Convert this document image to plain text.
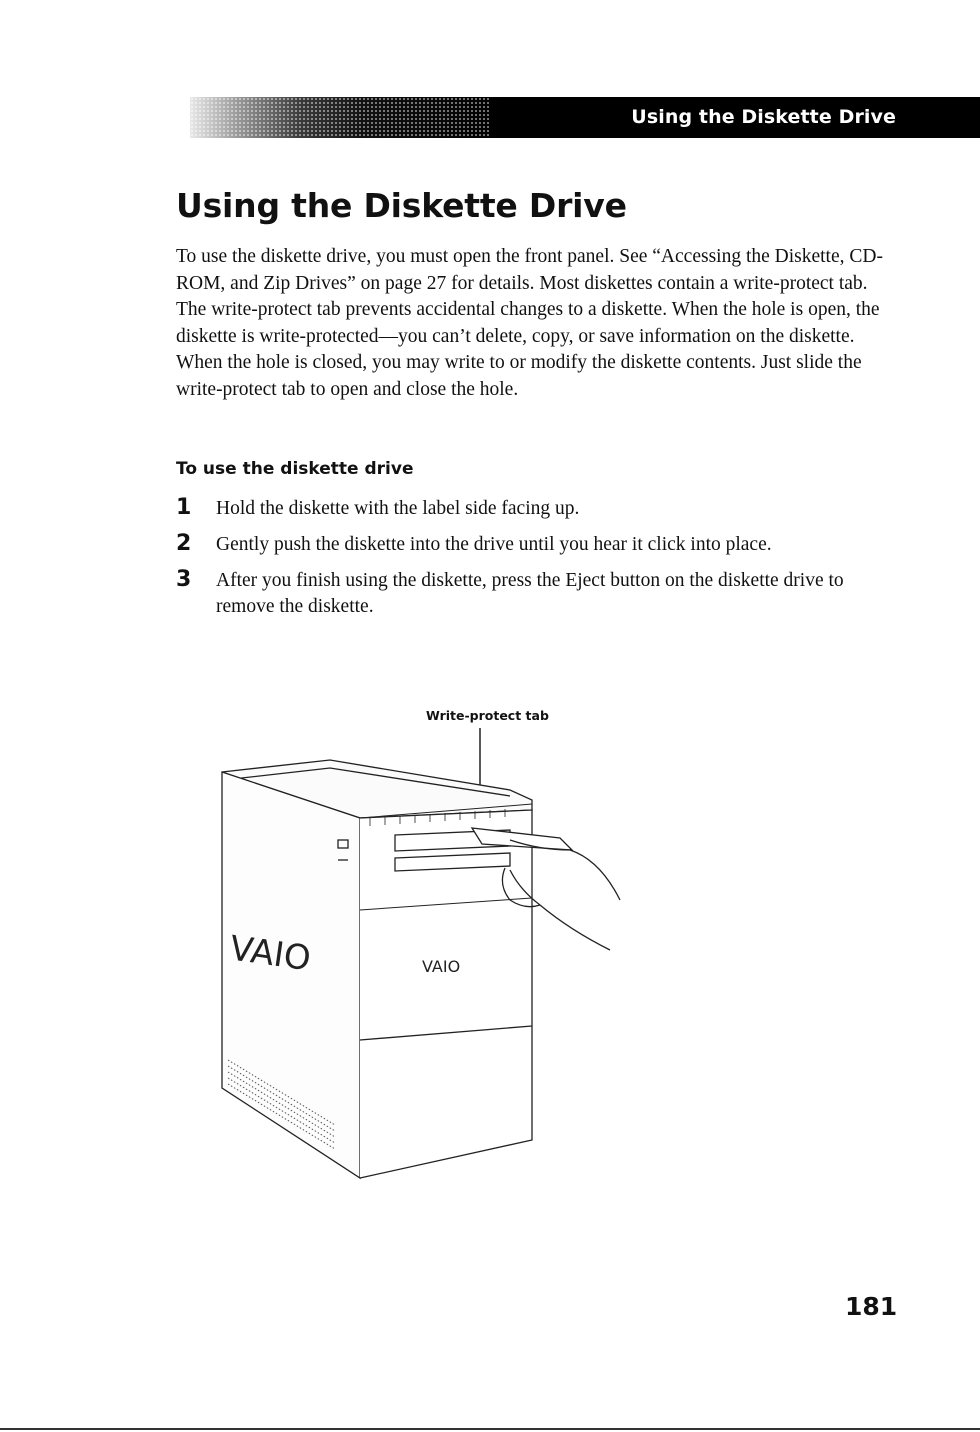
Using the Diskette Drive
Using the Diskette Drive

To use the diskette drive, you must open the front panel. See “Accessing the Diskette, CD-ROM, and Zip Drives” on page 27 for details. Most diskettes contain a write-protect tab. The write-protect tab prevents accidental changes to a diskette. When the hole is open, the diskette is write-protected—you can’t delete, copy, or save information on the diskette. When the hole is closed, you may write to or modify the diskette contents. Just slide the write-protect tab to open and close the hole.

To use the diskette drive
1 Hold the diskette with the label side facing up.
2 Gently push the diskette into the drive until you hear it click into place.
3 After you finish using the diskette, press the Eject button on the diskette drive to remove the diskette.
Write-protect tab
VAIO	VAIO
181
